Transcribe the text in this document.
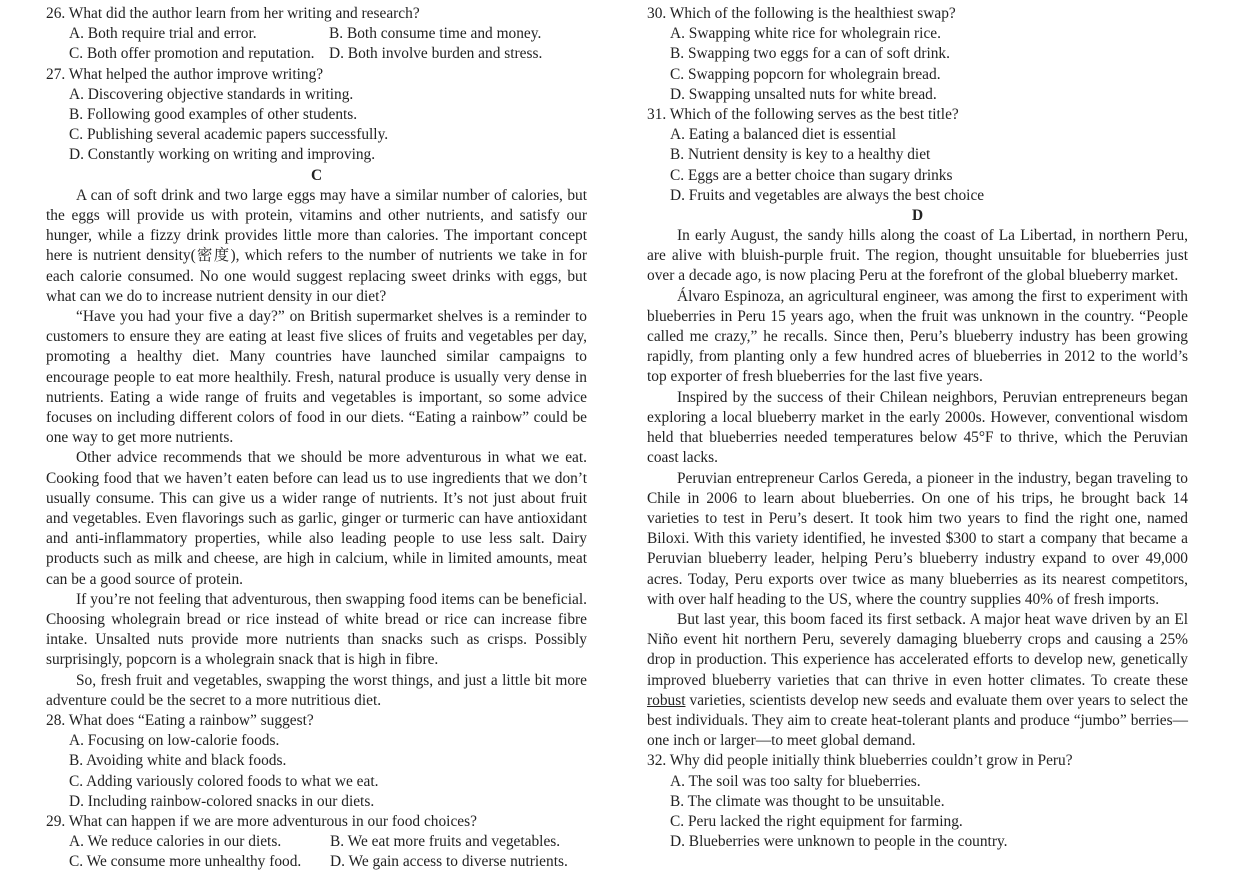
26. What did the author learn from her writing and research?
A. Both require trial and error.	B. Both consume time and money.
C. Both offer promotion and reputation. D. Both involve burden and stress.
27. What helped the author improve writing?
A. Discovering objective standards in writing.
B. Following good examples of other students.
C. Publishing several academic papers successfully.
D. Constantly working on writing and improving.
C
A can of soft drink and two large eggs may have a similar number of calories, but the eggs will provide us with protein, vitamins and other nutrients, and satisfy our hunger, while a fizzy drink provides little more than calories. The important concept here is nutrient density(密度), which refers to the number of nutrients we take in for each calorie consumed. No one would suggest replacing sweet drinks with eggs, but what can we do to increase nutrient density in our diet?
“Have you had your five a day?” on British supermarket shelves is a reminder to customers to ensure they are eating at least five slices of fruits and vegetables per day, promoting a healthy diet. Many countries have launched similar campaigns to encourage people to eat more healthily. Fresh, natural produce is usually very dense in nutrients. Eating a wide range of fruits and vegetables is important, so some advice focuses on including different colors of food in our diets. “Eating a rainbow” could be one way to get more nutrients.
Other advice recommends that we should be more adventurous in what we eat. Cooking food that we haven’t eaten before can lead us to use ingredients that we don’t usually consume. This can give us a wider range of nutrients. It’s not just about fruit and vegetables. Even flavorings such as garlic, ginger or turmeric can have antioxidant and anti-inflammatory properties, while also leading people to use less salt. Dairy products such as milk and cheese, are high in calcium, while in limited amounts, meat can be a good source of protein.
If you’re not feeling that adventurous, then swapping food items can be beneficial. Choosing wholegrain bread or rice instead of white bread or rice can increase fibre intake. Unsalted nuts provide more nutrients than snacks such as crisps. Possibly surprisingly, popcorn is a wholegrain snack that is high in fibre.
So, fresh fruit and vegetables, swapping the worst things, and just a little bit more adventure could be the secret to a more nutritious diet.
28. What does “Eating a rainbow” suggest?
A. Focusing on low-calorie foods.
B. Avoiding white and black foods.
C. Adding variously colored foods to what we eat.
D. Including rainbow-colored snacks in our diets.
29. What can happen if we are more adventurous in our food choices?
A. We reduce calories in our diets.	B. We eat more fruits and vegetables.
C. We consume more unhealthy food.	D. We gain access to diverse nutrients.
30. Which of the following is the healthiest swap?
A. Swapping white rice for wholegrain rice.
B. Swapping two eggs for a can of soft drink.
C. Swapping popcorn for wholegrain bread.
D. Swapping unsalted nuts for white bread.
31. Which of the following serves as the best title?
A. Eating a balanced diet is essential
B. Nutrient density is key to a healthy diet
C. Eggs are a better choice than sugary drinks
D. Fruits and vegetables are always the best choice
D
In early August, the sandy hills along the coast of La Libertad, in northern Peru, are alive with bluish-purple fruit. The region, thought unsuitable for blueberries just over a decade ago, is now placing Peru at the forefront of the global blueberry market.
Álvaro Espinoza, an agricultural engineer, was among the first to experiment with blueberries in Peru 15 years ago, when the fruit was unknown in the country. “People called me crazy,” he recalls. Since then, Peru’s blueberry industry has been growing rapidly, from planting only a few hundred acres of blueberries in 2012 to the world’s top exporter of fresh blueberries for the last five years.
Inspired by the success of their Chilean neighbors, Peruvian entrepreneurs began exploring a local blueberry market in the early 2000s. However, conventional wisdom held that blueberries needed temperatures below 45°F to thrive, which the Peruvian coast lacks.
Peruvian entrepreneur Carlos Gereda, a pioneer in the industry, began traveling to Chile in 2006 to learn about blueberries. On one of his trips, he brought back 14 varieties to test in Peru’s desert. It took him two years to find the right one, named Biloxi. With this variety identified, he invested $300 to start a company that became a Peruvian blueberry leader, helping Peru’s blueberry industry expand to over 49,000 acres. Today, Peru exports over twice as many blueberries as its nearest competitors, with over half heading to the US, where the country supplies 40% of fresh imports.
But last year, this boom faced its first setback. A major heat wave driven by an El Niño event hit northern Peru, severely damaging blueberry crops and causing a 25% drop in production. This experience has accelerated efforts to develop new, genetically improved blueberry varieties that can thrive in even hotter climates. To create these robust varieties, scientists develop new seeds and evaluate them over years to select the best individuals. They aim to create heat-tolerant plants and produce “jumbo” berries—one inch or larger—to meet global demand.
32. Why did people initially think blueberries couldn’t grow in Peru?
A. The soil was too salty for blueberries.
B. The climate was thought to be unsuitable.
C. Peru lacked the right equipment for farming.
D. Blueberries were unknown to people in the country.
